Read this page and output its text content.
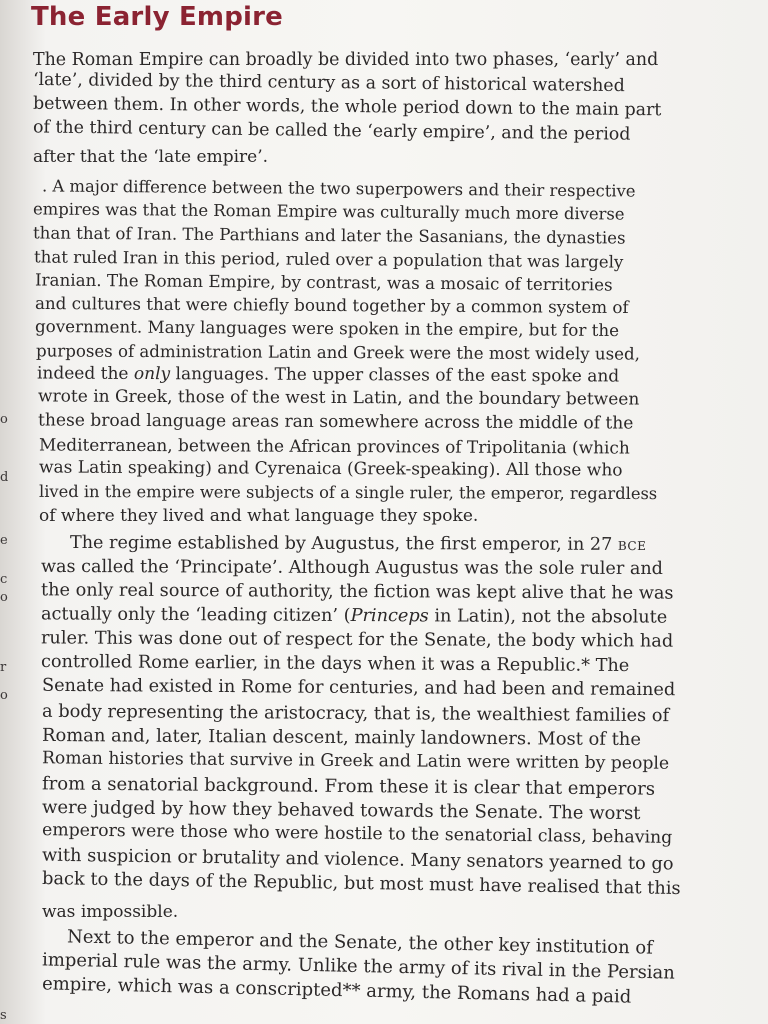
The Early Empire
o
d
e
c
o
r
o
s

The Roman Empire can broadly be divided into two phases, ‘early’ and

‘late’, divided by the third century as a sort of historical watershed

between them. In other words, the whole period down to the main part

of the third century can be called the ‘early empire’, and the period

after that the ‘late empire’.

. A major difference between the two superpowers and their respective

empires was that the Roman Empire was culturally much more diverse

than that of Iran. The Parthians and later the Sasanians, the dynasties

that ruled Iran in this period, ruled over a population that was largely

Iranian. The Roman Empire, by contrast, was a mosaic of territories

and cultures that were chiefly bound together by a common system of

government. Many languages were spoken in the empire, but for the

purposes of administration Latin and Greek were the most widely used,

indeed the only languages. The upper classes of the east spoke and

wrote in Greek, those of the west in Latin, and the boundary between

these broad language areas ran somewhere across the middle of the

Mediterranean, between the African provinces of Tripolitania (which

was Latin speaking) and Cyrenaica (Greek-speaking). All those who

lived in the empire were subjects of a single ruler, the emperor, regardless

of where they lived and what language they spoke.

The regime established by Augustus, the first emperor, in 27 BCE

was called the ‘Principate’. Although Augustus was the sole ruler and

the only real source of authority, the fiction was kept alive that he was

actually only the ‘leading citizen’ (Princeps in Latin), not the absolute

ruler. This was done out of respect for the Senate, the body which had

controlled Rome earlier, in the days when it was a Republic.* The

Senate had existed in Rome for centuries, and had been and remained

a body representing the aristocracy, that is, the wealthiest families of

Roman and, later, Italian descent, mainly landowners. Most of the

Roman histories that survive in Greek and Latin were written by people

from a senatorial background. From these it is clear that emperors

were judged by how they behaved towards the Senate. The worst

emperors were those who were hostile to the senatorial class, behaving

with suspicion or brutality and violence. Many senators yearned to go

back to the days of the Republic, but most must have realised that this

was impossible.

Next to the emperor and the Senate, the other key institution of

imperial rule was the army. Unlike the army of its rival in the Persian

empire, which was a conscripted** army, the Romans had a paid
